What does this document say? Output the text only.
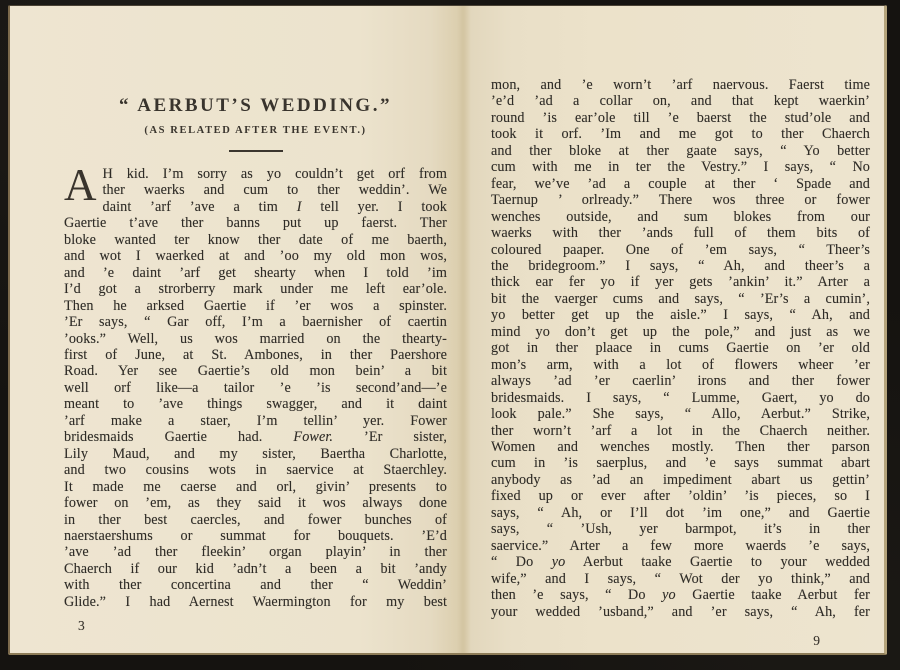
“ AERBUT’S WEDDING.”
(AS RELATED AFTER THE EVENT.)
A H kid. I’m sorry as yo couldn’t get orf from
ther waerks and cum to ther weddin’. We
daint ’arf ’ave a tim I tell yer. I took
Gaertie t’ave ther banns put up faerst. Ther
bloke wanted ter know ther date of me baerth,
and wot I waerked at and ’oo my old mon wos,
and ’e daint ’arf get shearty when I told ’im
I’d got a strorberry mark under me left ear’ole.
Then he arksed Gaertie if ’er wos a spinster.
’Er says, “ Gar off, I’m a baernisher of caertin
’ooks.” Well, us wos married on the thearty-
first of June, at St. Ambones, in ther Paershore
Road. Yer see Gaertie’s old mon bein’ a bit
well orf like—a tailor ’e ’is second’and—’e
meant to ’ave things swagger, and it daint
’arf make a staer, I’m tellin’ yer. Fower
bridesmaids Gaertie had. Fower. ’Er sister,
Lily Maud, and my sister, Baertha Charlotte,
and two cousins wots in saervice at Staerchley.
It made me caerse and orl, givin’ presents to
fower on ’em, as they said it wos always done
in ther best caercles, and fower bunches of
naerstaershums or summat for bouquets. ’E’d
’ave ’ad ther fleekin’ organ playin’ in ther
Chaerch if our kid ’adn’t a been a bit ’andy
with ther concertina and ther “ Weddin’
Glide.” I had Aernest Waermington for my best
3
mon, and ’e worn’t ’arf naervous. Faerst time
’e’d ’ad a collar on, and that kept waerkin’
round ’is ear’ole till ’e baerst the stud’ole and
took it orf. ’Im and me got to ther Chaerch
and ther bloke at ther gaate says, “ Yo better
cum with me in ter the Vestry.” I says, “ No
fear, we’ve ’ad a couple at ther ‘ Spade and
Taernup ’ orlready.” There wos three or fower
wenches outside, and sum blokes from our
waerks with ther ’ands full of them bits of
coloured paaper. One of ’em says, “ Theer’s
the bridegroom.” I says, “ Ah, and theer’s a
thick ear fer yo if yer gets ’ankin’ it.” Arter a
bit the vaerger cums and says, “ ’Er’s a cumin’,
yo better get up the aisle.” I says, “ Ah, and
mind yo don’t get up the pole,” and just as we
got in ther plaace in cums Gaertie on ’er old
mon’s arm, with a lot of flowers wheer ’er
always ’ad ’er caerlin’ irons and ther fower
bridesmaids. I says, “ Lumme, Gaert, yo do
look pale.” She says, “ Allo, Aerbut.” Strike,
ther worn’t ’arf a lot in the Chaerch neither.
Women and wenches mostly. Then ther parson
cum in ’is saerplus, and ’e says summat abart
anybody as ’ad an impediment abart us gettin’
fixed up or ever after ’oldin’ ’is pieces, so I
says, “ Ah, or I’ll dot ’im one,” and Gaertie
says, “ ’Ush, yer barmpot, it’s in ther
saervice.” Arter a few more waerds ’e says,
“ Do yo Aerbut taake Gaertie to your wedded
wife,” and I says, “ Wot der yo think,” and
then ’e says, “ Do yo Gaertie taake Aerbut fer
your wedded ’usband,” and ’er says, “ Ah, fer
9
